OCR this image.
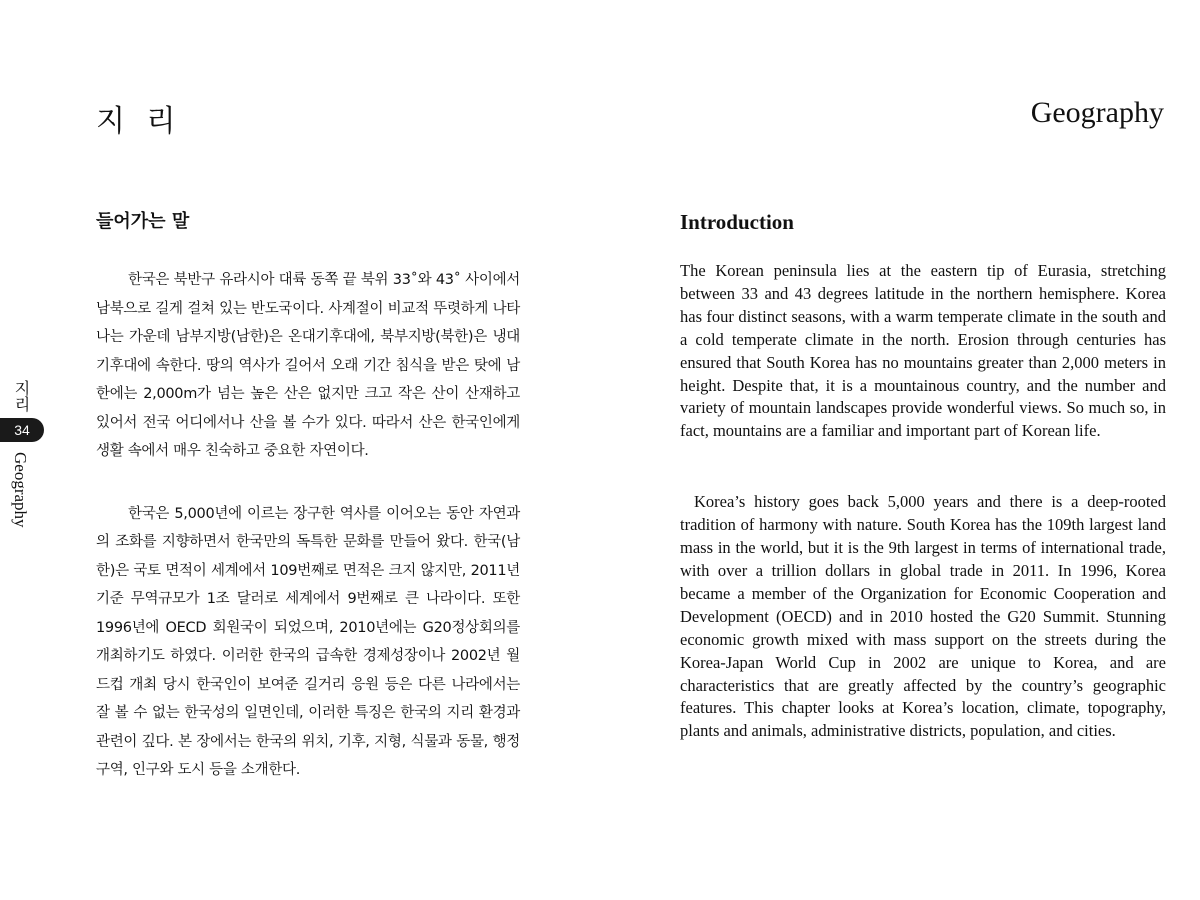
지 리	Geography
지리
34
Geography
들어가는 말

한국은 북반구 유라시아 대륙 동쪽 끝 북위 33˚와 43˚ 사이에서 남북으로 길게 걸쳐 있는 반도국이다. 사계절이 비교적 뚜렷하게 나타나는 가운데 남부지방(남한)은 온대기후대에, 북부지방(북한)은 냉대기후대에 속한다. 땅의 역사가 길어서 오래 기간 침식을 받은 탓에 남한에는 2,000m가 넘는 높은 산은 없지만 크고 작은 산이 산재하고 있어서 전국 어디에서나 산을 볼 수가 있다. 따라서 산은 한국인에게 생활 속에서 매우 친숙하고 중요한 자연이다.

한국은 5,000년에 이르는 장구한 역사를 이어오는 동안 자연과의 조화를 지향하면서 한국만의 독특한 문화를 만들어 왔다. 한국(남한)은 국토 면적이 세계에서 109번째로 면적은 크지 않지만, 2011년 기준 무역규모가 1조 달러로 세계에서 9번째로 큰 나라이다. 또한 1996년에 OECD 회원국이 되었으며, 2010년에는 G20정상회의를 개최하기도 하였다. 이러한 한국의 급속한 경제성장이나 2002년 월드컵 개최 당시 한국인이 보여준 길거리 응원 등은 다른 나라에서는 잘 볼 수 없는 한국성의 일면인데, 이러한 특징은 한국의 지리 환경과 관련이 깊다. 본 장에서는 한국의 위치, 기후, 지형, 식물과 동물, 행정구역, 인구와 도시 등을 소개한다.

Introduction

The Korean peninsula lies at the eastern tip of Eurasia, stretching between 33 and 43 degrees latitude in the northern hemisphere. Korea has four distinct seasons, with a warm temperate climate in the south and a cold temperate climate in the north. Erosion through centuries has ensured that South Korea has no mountains greater than 2,000 meters in height. Despite that, it is a mountainous country, and the number and variety of mountain landscapes provide wonderful views. So much so, in fact, mountains are a familiar and important part of Korean life.

Korea’s history goes back 5,000 years and there is a deep-rooted tradition of harmony with nature. South Korea has the 109th largest land mass in the world, but it is the 9th largest in terms of international trade, with over a trillion dollars in global trade in 2011. In 1996, Korea became a member of the Organization for Economic Cooperation and Development (OECD) and in 2010 hosted the G20 Summit. Stunning economic growth mixed with mass support on the streets during the Korea-Japan World Cup in 2002 are unique to Korea, and are characteristics that are greatly affected by the country’s geographic features. This chapter looks at Korea’s location, climate, topography, plants and animals, administrative districts, population, and cities.
